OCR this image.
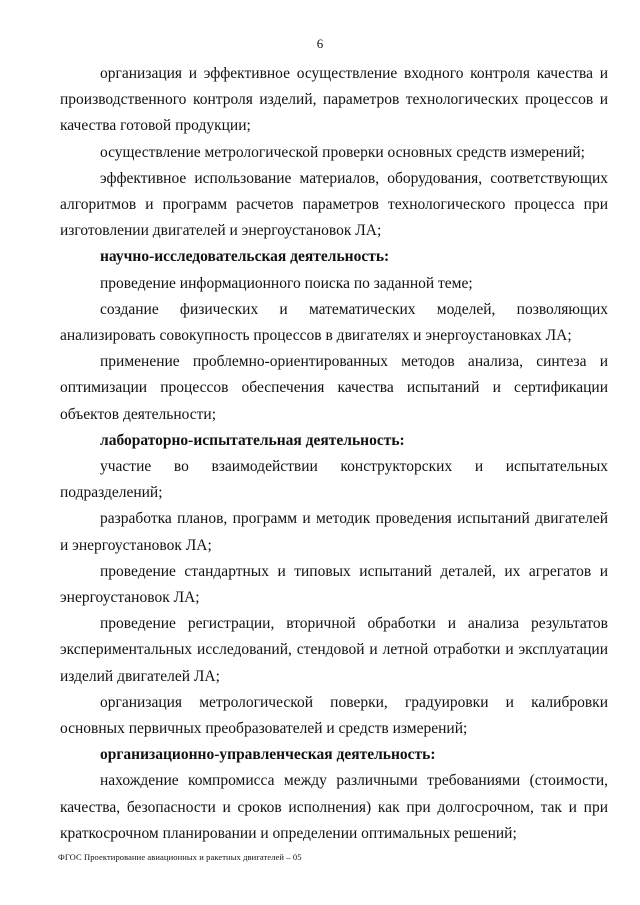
6

организация и эффективное осуществление входного контроля качества и производственного контроля изделий, параметров технологических процессов и качества готовой продукции;

осуществление метрологической проверки основных средств измерений;

эффективное использование материалов, оборудования, соответствующих алгоритмов и программ расчетов параметров технологического процесса при изготовлении двигателей и энергоустановок ЛА;

научно-исследовательская деятельность:

проведение информационного поиска по заданной теме;

создание физических и математических моделей, позволяющих анализировать совокупность процессов в двигателях и энергоустановках ЛА;

применение проблемно-ориентированных методов анализа, синтеза и оптимизации процессов обеспечения качества испытаний и сертификации объектов деятельности;

лабораторно-испытательная деятельность:

участие во взаимодействии конструкторских и испытательных подразделений;

разработка планов, программ и методик проведения испытаний двигателей и энергоустановок ЛА;

проведение стандартных и типовых испытаний деталей, их агрегатов и энергоустановок ЛА;

проведение регистрации, вторичной обработки и анализа результатов экспериментальных исследований, стендовой и летной отработки и эксплуатации изделий двигателей ЛА;

организация метрологической поверки, градуировки и калибровки основных первичных преобразователей и средств измерений;

организационно-управленческая деятельность:

нахождение компромисса между различными требованиями (стоимости, качества, безопасности и сроков исполнения) как при долгосрочном, так и при краткосрочном планировании и определении оптимальных решений;

ФГОС Проектирование авиационных и ракетных двигателей – 05
